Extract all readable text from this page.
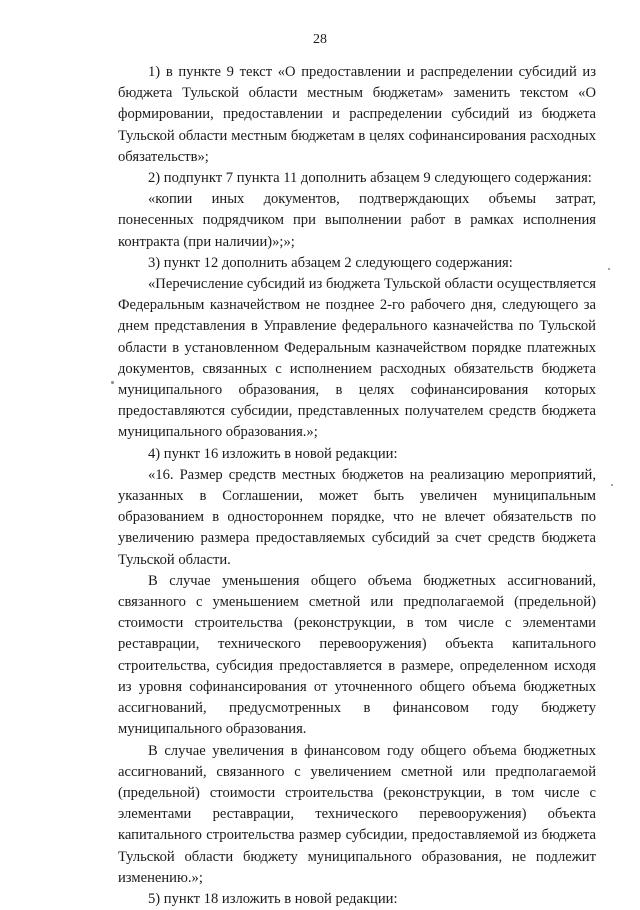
28

1) в пункте 9 текст «О предоставлении и распределении субсидий из бюджета Тульской области местным бюджетам» заменить текстом «О формировании, предоставлении и распределении субсидий из бюджета Тульской области местным бюджетам в целях софинансирования расходных обязательств»;

2) подпункт 7 пункта 11 дополнить абзацем 9 следующего содержания:

«копии иных документов, подтверждающих объемы затрат, понесенных подрядчиком при выполнении работ в рамках исполнения контракта (при наличии)»;»;

3) пункт 12 дополнить абзацем 2 следующего содержания:

«Перечисление субсидий из бюджета Тульской области осуществляется Федеральным казначейством не позднее 2-го рабочего дня, следующего за днем представления в Управление федерального казначейства по Тульской области в установленном Федеральным казначейством порядке платежных документов, связанных с исполнением расходных обязательств бюджета муниципального образования, в целях софинансирования которых предоставляются субсидии, представленных получателем средств бюджета муниципального образования.»;

4) пункт 16 изложить в новой редакции:

«16. Размер средств местных бюджетов на реализацию мероприятий, указанных в Соглашении, может быть увеличен муниципальным образованием в одностороннем порядке, что не влечет обязательств по увеличению размера предоставляемых субсидий за счет средств бюджета Тульской области.

В случае уменьшения общего объема бюджетных ассигнований, связанного с уменьшением сметной или предполагаемой (предельной) стоимости строительства (реконструкции, в том числе с элементами реставрации, технического перевооружения) объекта капитального строительства, субсидия предоставляется в размере, определенном исходя из уровня софинансирования от уточненного общего объема бюджетных ассигнований, предусмотренных в финансовом году бюджету муниципального образования.

В случае увеличения в финансовом году общего объема бюджетных ассигнований, связанного с увеличением сметной или предполагаемой (предельной) стоимости строительства (реконструкции, в том числе с элементами реставрации, технического перевооружения) объекта капитального строительства размер субсидии, предоставляемой из бюджета Тульской области бюджету муниципального образования, не подлежит изменению.»;

5) пункт 18 изложить в новой редакции:
